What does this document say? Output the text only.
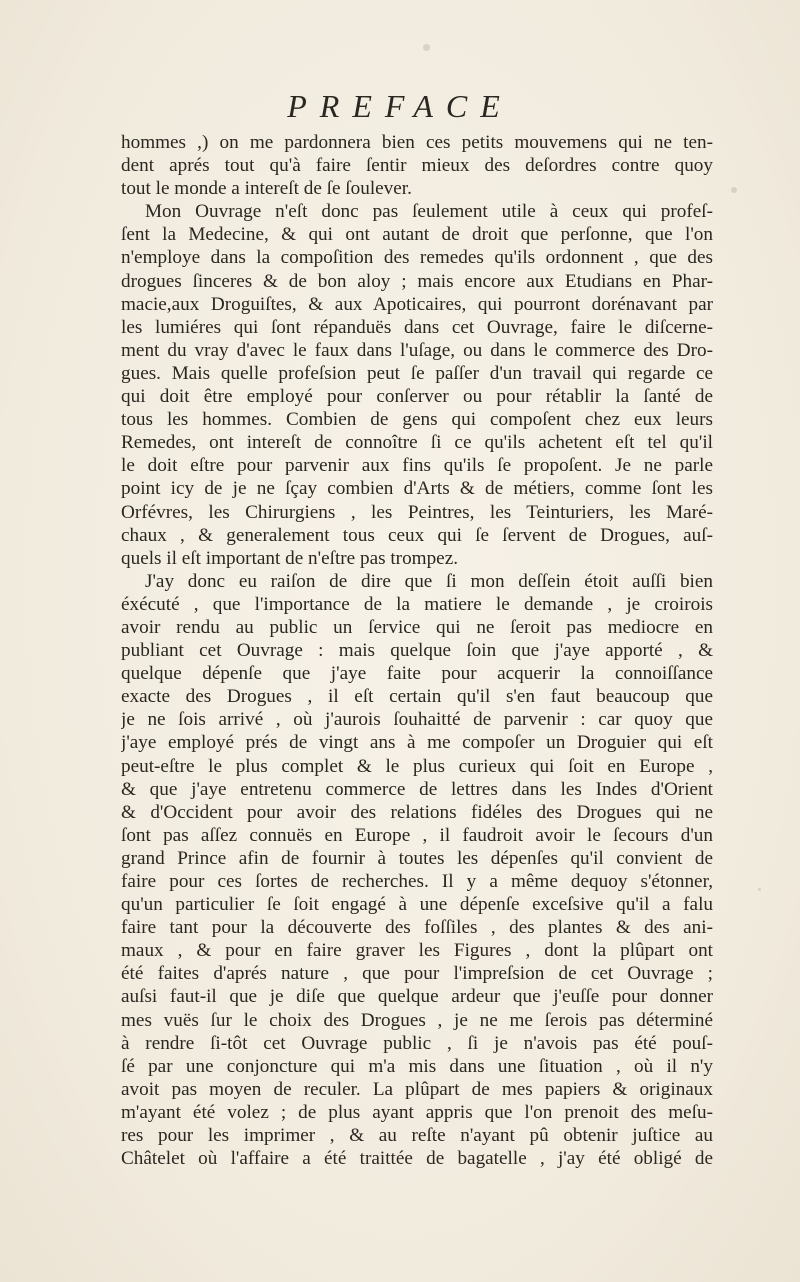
PREFACE
hommes ,) on me pardonnera bien ces petits mouvemens qui ne ten-
dent aprés tout qu'à faire ſentir mieux des deſordres contre quoy
tout le monde a intereſt de ſe ſoulever.
Mon Ouvrage n'eſt donc pas ſeulement utile à ceux qui profeſ-
ſent la Medecine, & qui ont autant de droit que perſonne, que l'on
n'employe dans la compoſition des remedes qu'ils ordonnent , que des
drogues ſinceres & de bon aloy ; mais encore aux Etudians en Phar-
macie,aux Droguiſtes, & aux Apoticaires, qui pourront dorénavant par
les lumiéres qui ſont répanduës dans cet Ouvrage, faire le diſcerne-
ment du vray d'avec le faux dans l'uſage, ou dans le commerce des Dro-
gues. Mais quelle profeſsion peut ſe paſſer d'un travail qui regarde ce
qui doit être employé pour conſerver ou pour rétablir la ſanté de
tous les hommes. Combien de gens qui compoſent chez eux leurs
Remedes, ont intereſt de connoître ſi ce qu'ils achetent eſt tel qu'il
le doit eſtre pour parvenir aux fins qu'ils ſe propoſent. Je ne parle
point icy de je ne ſçay combien d'Arts & de métiers, comme ſont les
Orfévres, les Chirurgiens , les Peintres, les Teinturiers, les Maré-
chaux , & generalement tous ceux qui ſe ſervent de Drogues, auſ-
quels il eſt important de n'eſtre pas trompez.
J'ay donc eu raiſon de dire que ſi mon deſſein étoit auſſi bien
éxécuté , que l'importance de la matiere le demande , je croirois
avoir rendu au public un ſervice qui ne ſeroit pas mediocre en
publiant cet Ouvrage : mais quelque ſoin que j'aye apporté , &
quelque dépenſe que j'aye faite pour acquerir la connoiſſance
exacte des Drogues , il eſt certain qu'il s'en faut beaucoup que
je ne ſois arrivé , où j'aurois ſouhaitté de parvenir : car quoy que
j'aye employé prés de vingt ans à me compoſer un Droguier qui eſt
peut-eſtre le plus complet & le plus curieux qui ſoit en Europe ,
& que j'aye entretenu commerce de lettres dans les Indes d'Orient
& d'Occident pour avoir des relations fidéles des Drogues qui ne
ſont pas aſſez connuës en Europe , il faudroit avoir le ſecours d'un
grand Prince afin de fournir à toutes les dépenſes qu'il convient de
faire pour ces ſortes de recherches. Il y a même dequoy s'étonner,
qu'un particulier ſe ſoit engagé à une dépenſe exceſsive qu'il a falu
faire tant pour la découverte des foſſiles , des plantes & des ani-
maux , & pour en faire graver les Figures , dont la plûpart ont
été faites d'aprés nature , que pour l'impreſsion de cet Ouvrage ;
auſsi faut-il que je diſe que quelque ardeur que j'euſſe pour donner
mes vuës ſur le choix des Drogues , je ne me ſerois pas déterminé
à rendre ſi-tôt cet Ouvrage public , ſi je n'avois pas été pouſ-
ſé par une conjoncture qui m'a mis dans une ſituation , où il n'y
avoit pas moyen de reculer. La plûpart de mes papiers & originaux
m'ayant été volez ; de plus ayant appris que l'on prenoit des meſu-
res pour les imprimer , & au reſte n'ayant pû obtenir juſtice au
Châtelet où l'affaire a été traittée de bagatelle , j'ay été obligé de
